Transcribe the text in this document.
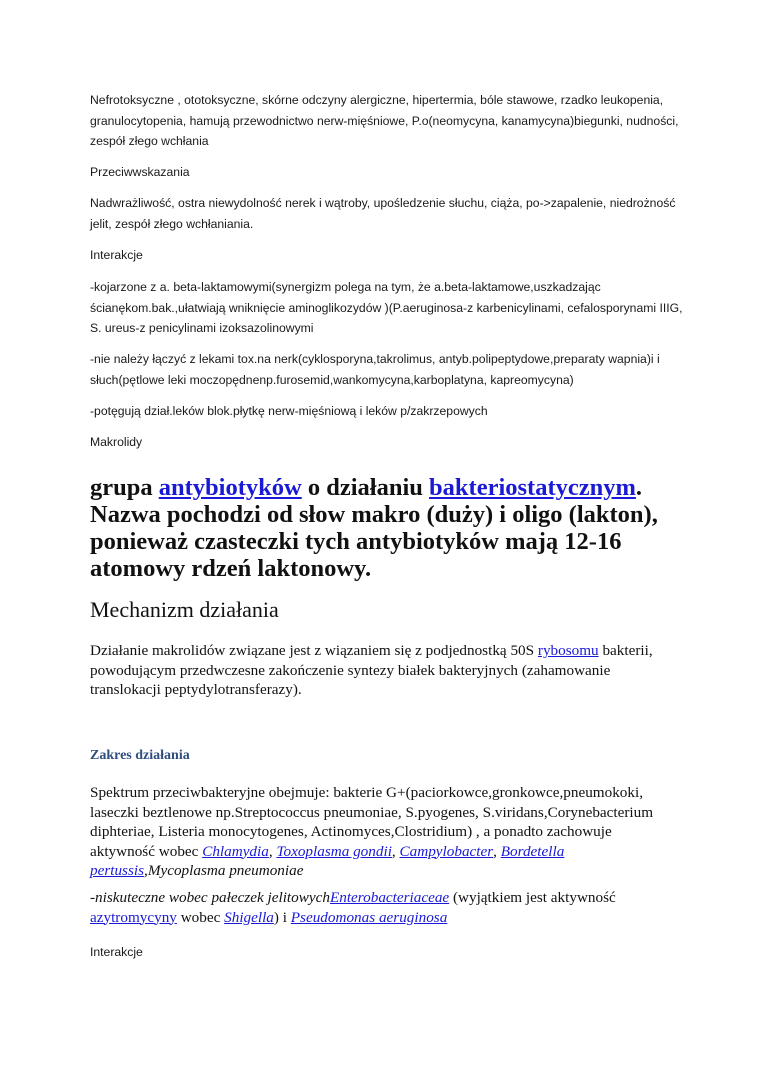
Nefrotoksyczne , ototoksyczne, skórne odczyny alergiczne, hipertermia, bóle stawowe, rzadko leukopenia, granulocytopenia, hamują przewodnictwo nerw-mięśniowe, P.o(neomycyna, kanamycyna)biegunki, nudności, zespół złego wchłania

Przeciwwskazania

Nadwrażliwość, ostra niewydolność nerek i wątroby, upośledzenie słuchu, ciąża, po->zapalenie, niedrożność jelit, zespół złego wchłaniania.

Interakcje

-kojarzone z a. beta-laktamowymi(synergizm polega na tym, że a.beta-laktamowe,uszkadzając ścianękom.bak.,ułatwiają wniknięcie aminoglikozydów )(P.aeruginosa-z karbenicylinami, cefalosporynami IIIG, S. ureus-z penicylinami izoksazolinowymi

-nie należy łączyć z lekami tox.na nerk(cyklosporyna,takrolimus, antyb.polipeptydowe,preparaty wapnia)i i słuch(pętlowe leki moczopędnenp.furosemid,wankomycyna,karboplatyna, kapreomycyna)

-potęgują dział.leków blok.płytkę nerw-mięśniową i leków p/zakrzepowych

Makrolidy

grupa antybiotyków o działaniu bakteriostatycznym. Nazwa pochodzi od słow makro (duży) i oligo (lakton), ponieważ czasteczki tych antybiotyków mają 12-16 atomowy rdzeń laktonowy.

Mechanizm działania

Działanie makrolidów związane jest z wiązaniem się z podjednostką 50S rybosomu bakterii, powodującym przedwczesne zakończenie syntezy białek bakteryjnych (zahamowanie translokacji peptydylotransferazy).

Zakres działania

Spektrum przeciwbakteryjne obejmuje: bakterie G+(paciorkowce,gronkowce,pneumokoki, laseczki beztlenowe np.Streptococcus pneumoniae, S.pyogenes, S.viridans,Corynebacterium diphteriae, Listeria monocytogenes, Actinomyces,Clostridium) , a ponadto zachowuje aktywność wobec Chlamydia, Toxoplasma gondii, Campylobacter, Bordetella pertussis,Mycoplasma pneumoniae

-niskuteczne wobec pałeczek jelitowychEnterobacteriaceae (wyjątkiem jest aktywność azytromycyny wobec Shigella) i Pseudomonas aeruginosa

Interakcje
